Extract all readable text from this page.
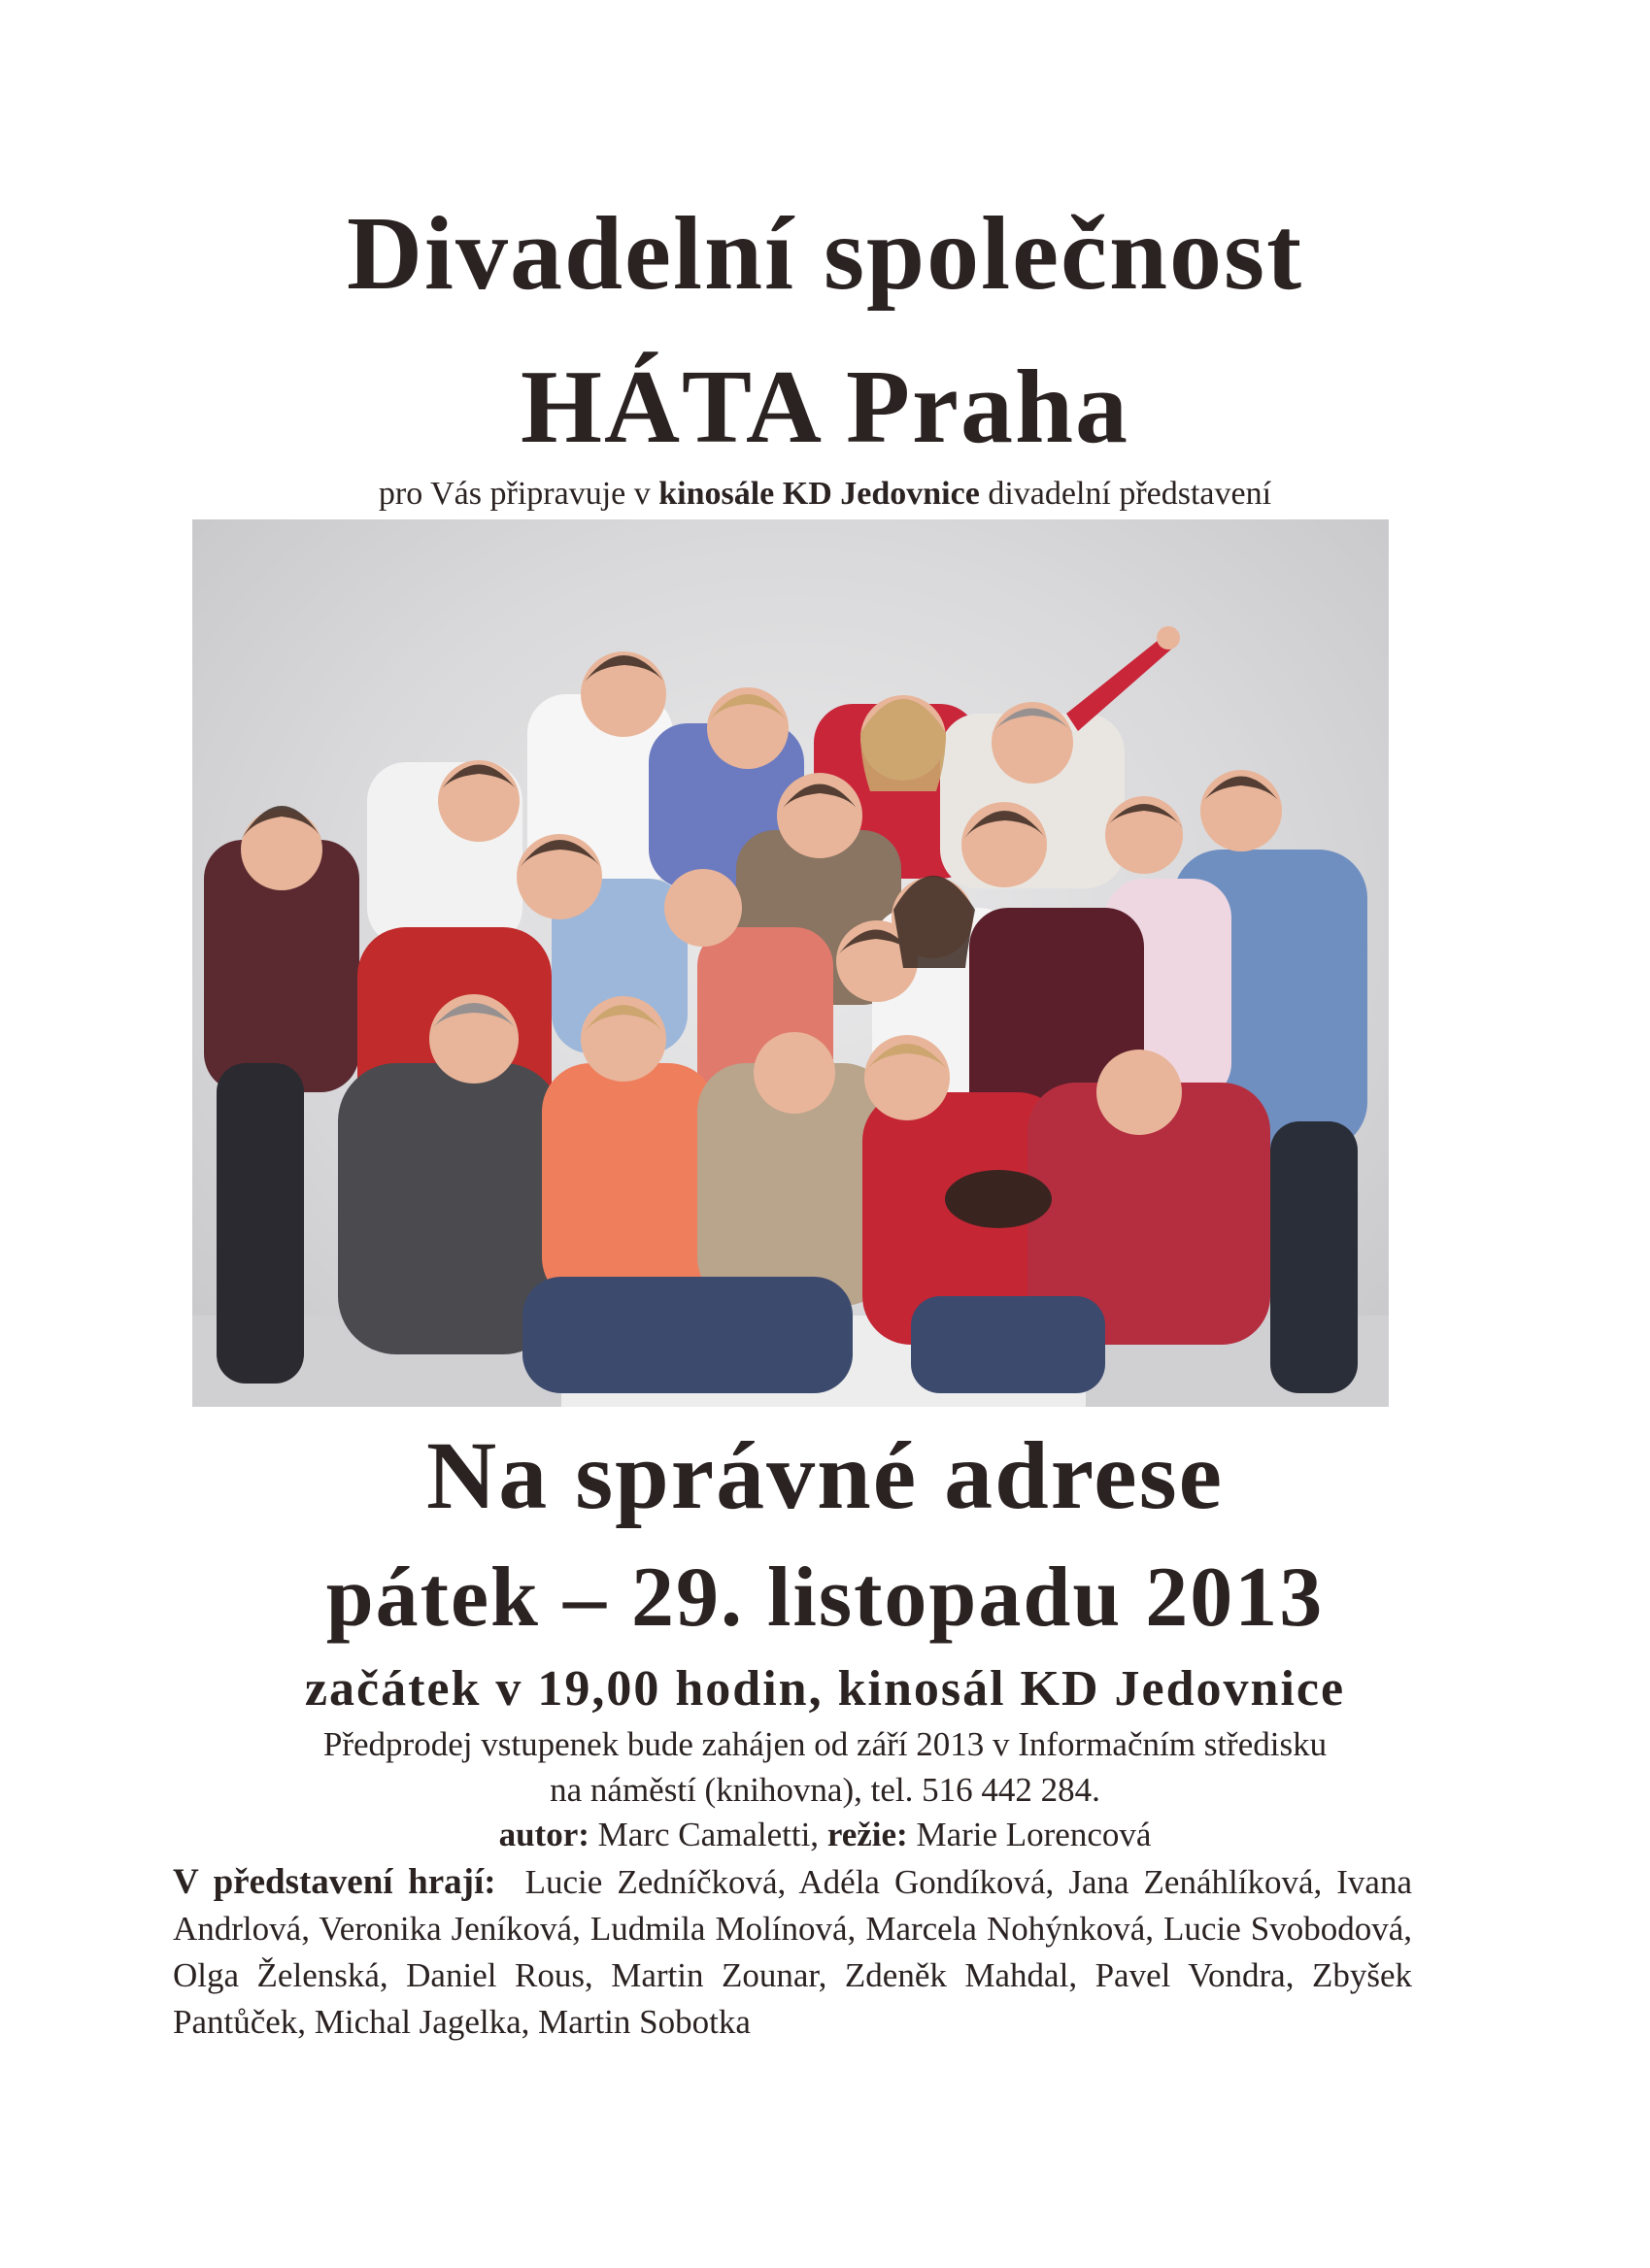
Divadelní společnost
HÁTA Praha
pro Vás připravuje v kinosále KD Jedovnice divadelní představení
Na správné adrese
pátek – 29. listopadu 2013
začátek v 19,00 hodin, kinosál KD Jedovnice
Předprodej vstupenek bude zahájen od září 2013 v Informačním středisku
na náměstí (knihovna), tel. 516 442 284.
autor: Marc Camaletti, režie: Marie Lorencová
V představení hrají: Lucie Zedníčková, Adéla Gondíková, Jana Zenáhlíková, Ivana Andrlová, Veronika Jeníková, Ludmila Molínová, Marcela Nohýnková, Lucie Svobodová, Olga Želenská, Daniel Rous, Martin Zounar, Zdeněk Mahdal, Pavel Vondra, Zbyšek Pantůček, Michal Jagelka, Martin Sobotka
